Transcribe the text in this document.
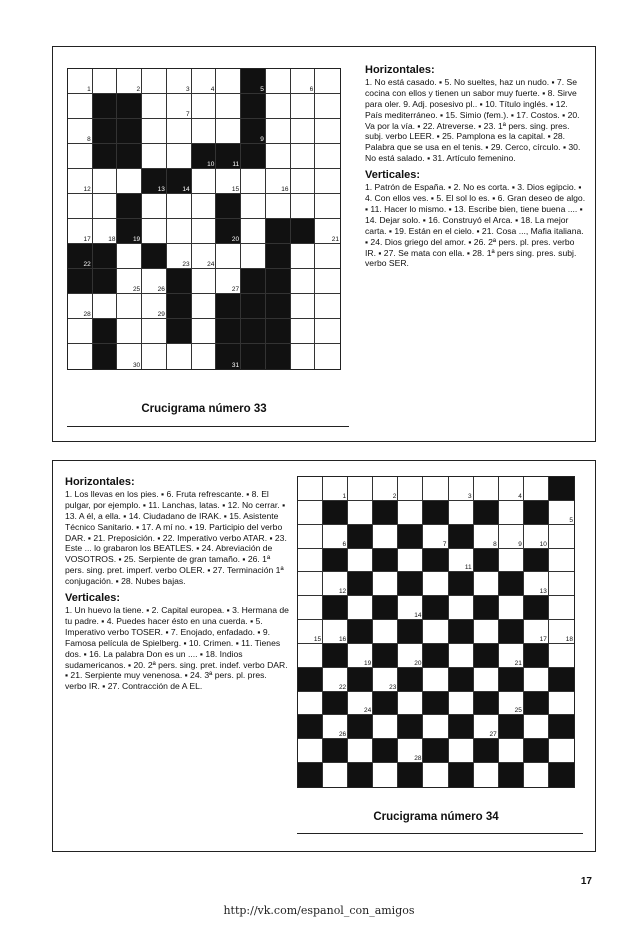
1	2	3	4	5	6
7
8	9
10	11
12	13	14	15	16
17	18	19	20	21
22	23	24
25	26	27
28	29
30	31
Horizontales:

1. No está casado. ▪ 5. No sueltes, haz un nudo. ▪ 7. Se cocina con ellos y tienen un sabor muy fuerte. ▪ 8. Sirve para oler. 9. Adj. posesivo pl.. ▪ 10. Título inglés. ▪ 12. País mediterráneo. ▪ 15. Simio (fem.). ▪ 17. Costos. ▪ 20. Va por la vía. ▪ 22. Atreverse. ▪ 23. 1ª pers. sing. pres. subj. verbo LEER. ▪ 25. Pamplona es la capital. ▪ 28. Palabra que se usa en el tenis. ▪ 29. Cerco, círculo. ▪ 30. No está salado. ▪ 31. Artículo femenino.

Verticales:

1. Patrón de España. ▪ 2. No es corta. ▪ 3. Dios egipcio. ▪ 4. Con ellos ves. ▪ 5. El sol lo es. ▪ 6. Gran deseo de algo. ▪ 11. Hacer lo mismo. ▪ 13. Escribe bien, tiene buena .... ▪ 14. Dejar solo. ▪ 16. Construyó el Arca. ▪ 18. La mejor carta. ▪ 19. Están en el cielo. ▪ 21. Cosa ..., Mafia italiana. ▪ 24. Dios griego del amor. ▪ 26. 2ª pers. pl. pres. verbo IR. ▪ 27. Se mata con ella. ▪ 28. 1ª pers sing. pres. subj. verbo SER.

Crucigrama número 33
Horizontales:

1. Los llevas en los pies. ▪ 6. Fruta refrescante. ▪ 8. El pulgar, por ejemplo. ▪ 11. Lanchas, latas. ▪ 12. No cerrar. ▪ 13. A él, a ella. ▪ 14. Ciudadano de IRAK. ▪ 15. Asistente Técnico Sanitario. ▪ 17. A mí no. ▪ 19. Participio del verbo DAR. ▪ 21. Preposición. ▪ 22. Imperativo verbo ATAR. ▪ 23. Este ... lo grabaron los BEATLES. ▪ 24. Abreviación de VOSOTROS. ▪ 25. Serpiente de gran tamaño. ▪ 26. 1ª pers. sing. pret. imperf. verbo OLER. ▪ 27. Terminación 1ª conjugación. ▪ 28. Nubes bajas.

Verticales:

1. Un huevo la tiene. ▪ 2. Capital europea. ▪ 3. Hermana de tu padre. ▪ 4. Puedes hacer ésto en una cuerda. ▪ 5. Imperativo verbo TOSER. ▪ 7. Enojado, enfadado. ▪ 9. Famosa película de Spielberg. ▪ 10. Crimen. ▪ 11. Tienes dos. ▪ 16. La palabra Don es un .... ▪ 18. Indios sudamericanos. ▪ 20. 2ª pers. sing. pret. indef. verbo DAR. ▪ 21. Serpiente muy venenosa. ▪ 24. 3ª pers. pl. pres. verbo IR. ▪ 27. Contracción de A EL.

1	2	3	4
5
6	7	8	9	10
11
12	13
14
15	16	17	18
19	20	21
22	23
24	25
26	27
28
Crucigrama número 34
17
http://vk.com/espanol_con_amigos
